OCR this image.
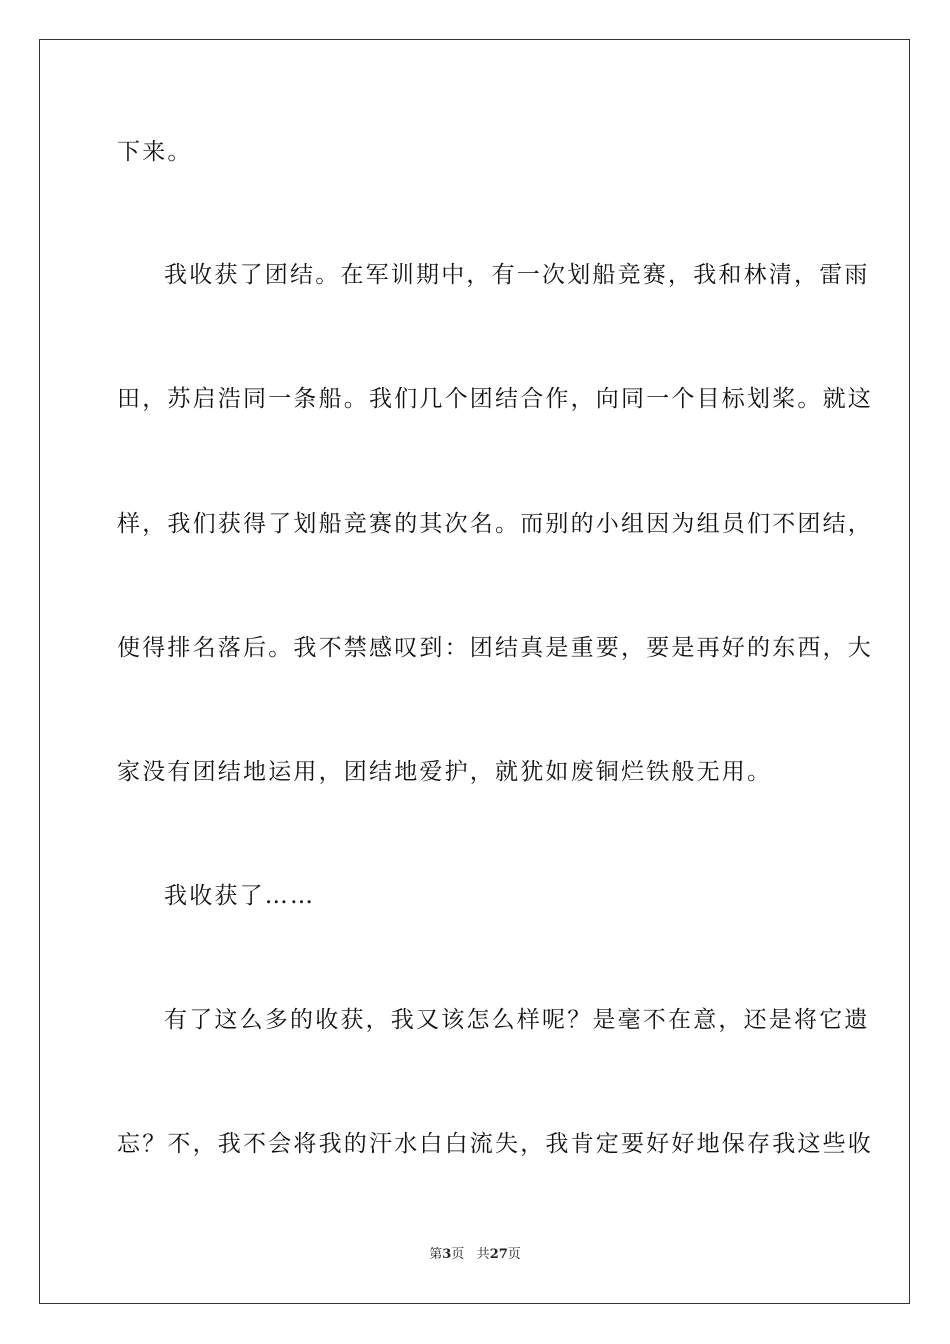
下来。
我收获了团结。在军训期中，有一次划船竞赛，我和林清，雷雨
田，苏启浩同一条船。我们几个团结合作，向同一个目标划桨。就这
样，我们获得了划船竞赛的其次名。而别的小组因为组员们不团结，
使得排名落后。我不禁感叹到：团结真是重要，要是再好的东西，大
家没有团结地运用，团结地爱护，就犹如废铜烂铁般无用。
我收获了……
有了这么多的收获，我又该怎么样呢？是毫不在意，还是将它遗
忘？不，我不会将我的汗水白白流失，我肯定要好好地保存我这些收
第3页 共27页
